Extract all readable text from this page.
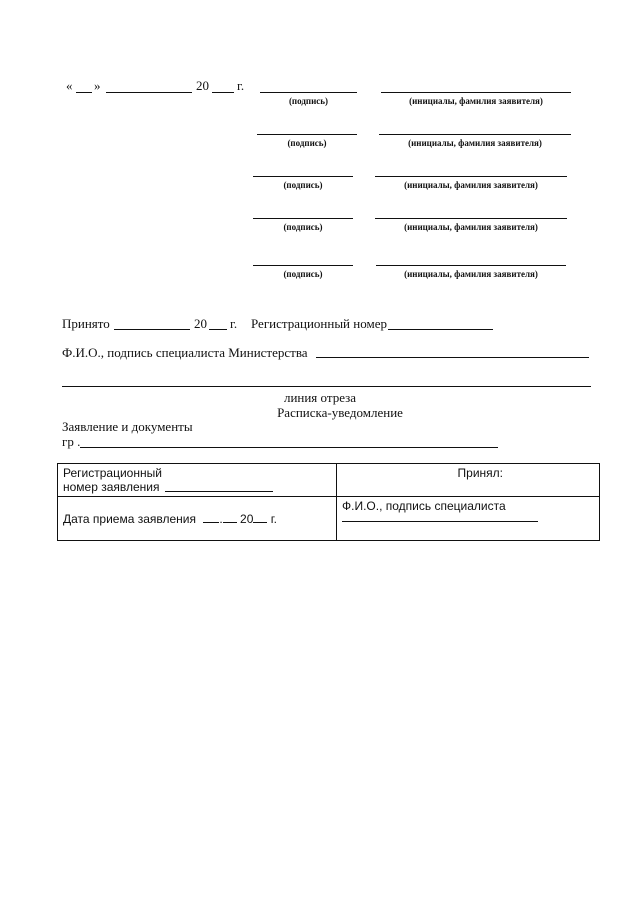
« »	20 г.
(подпись)	(инициалы, фамилия заявителя)
(подпись)	(инициалы, фамилия заявителя)
(подпись)	(инициалы, фамилия заявителя)
(подпись)	(инициалы, фамилия заявителя)
(подпись)	(инициалы, фамилия заявителя)
Принято	20 г. Регистрационный номер
Ф.И.О., подпись специалиста Министерства
линия отреза
Расписка-уведомление
Заявление и документы
гр .
Регистрационный
номер заявления	Принял:
Дата приема заявления . 20 г.	Ф.И.О., подпись специалиста
